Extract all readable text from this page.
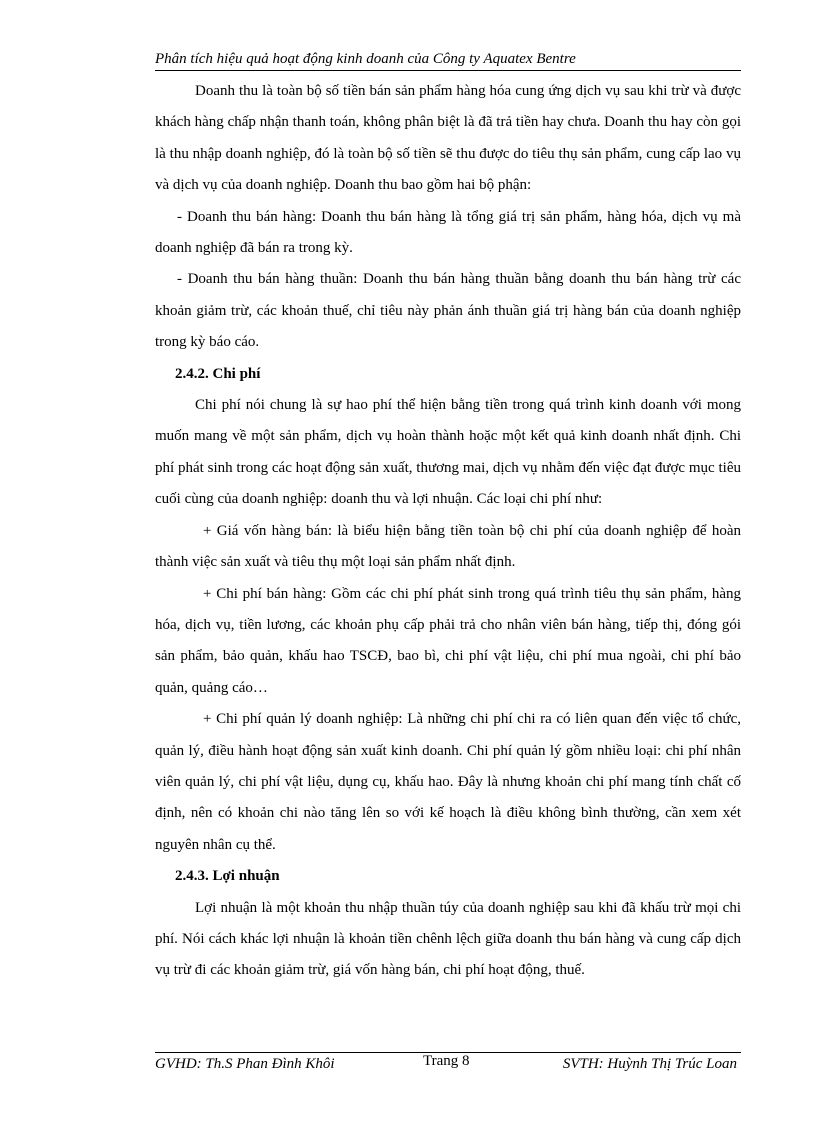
Phân tích hiệu quả hoạt động kinh doanh của Công ty Aquatex Bentre

Doanh thu là toàn bộ số tiền bán sản phẩm hàng hóa cung ứng dịch vụ sau khi trừ và được khách hàng chấp nhận thanh toán, không phân biệt là đã trả tiền hay chưa. Doanh thu hay còn gọi là thu nhập doanh nghiệp, đó là toàn bộ số tiền sẽ thu được do tiêu thụ sản phẩm, cung cấp lao vụ và dịch vụ của doanh nghiệp. Doanh thu bao gồm hai bộ phận:

- Doanh thu bán hàng: Doanh thu bán hàng là tổng giá trị sản phẩm, hàng hóa, dịch vụ mà doanh nghiệp đã bán ra trong kỳ.

- Doanh thu bán hàng thuần: Doanh thu bán hàng thuần bằng doanh thu bán hàng trừ các khoản giảm trừ, các khoản thuế, chỉ tiêu này phản ánh thuần giá trị hàng bán của doanh nghiệp trong kỳ báo cáo.

2.4.2. Chi phí

Chi phí nói chung là sự hao phí thể hiện bằng tiền trong quá trình kinh doanh với mong muốn mang về một sản phẩm, dịch vụ hoàn thành hoặc một kết quả kinh doanh nhất định. Chi phí phát sinh trong các hoạt động sản xuất, thương mai, dịch vụ nhằm đến việc đạt được mục tiêu cuối cùng của doanh nghiệp: doanh thu và lợi nhuận. Các loại chi phí như:

+ Giá vốn hàng bán: là biểu hiện bằng tiền toàn bộ chi phí của doanh nghiệp để hoàn thành việc sản xuất và tiêu thụ một loại sản phẩm nhất định.

+ Chi phí bán hàng: Gồm các chi phí phát sinh trong quá trình tiêu thụ sản phẩm, hàng hóa, dịch vụ, tiền lương, các khoản phụ cấp phải trả cho nhân viên bán hàng, tiếp thị, đóng gói sản phẩm, bảo quản, khấu hao TSCĐ, bao bì, chi phí vật liệu, chi phí mua ngoài, chi phí bảo quản, quảng cáo…

+ Chi phí quản lý doanh nghiệp: Là những chi phí chi ra có liên quan đến việc tổ chức, quản lý, điều hành hoạt động sản xuất kinh doanh. Chi phí quản lý gồm nhiều loại: chi phí nhân viên quản lý, chi phí vật liệu, dụng cụ, khấu hao. Đây là nhưng khoản chi phí mang tính chất cố định, nên có khoản chi nào tăng lên so với kế hoạch là điều không bình thường, cần xem xét nguyên nhân cụ thể.

2.4.3. Lợi nhuận

Lợi nhuận là một khoản thu nhập thuần túy của doanh nghiệp sau khi đã khấu trừ mọi chi phí. Nói cách khác lợi nhuận là khoản tiền chênh lệch giữa doanh thu bán hàng và cung cấp dịch vụ trừ đi các khoản giảm trừ, giá vốn hàng bán, chi phí hoạt động, thuế.

GVHD: Th.S Phan Đình Khôi	Trang 8	SVTH: Huỳnh Thị Trúc Loan
